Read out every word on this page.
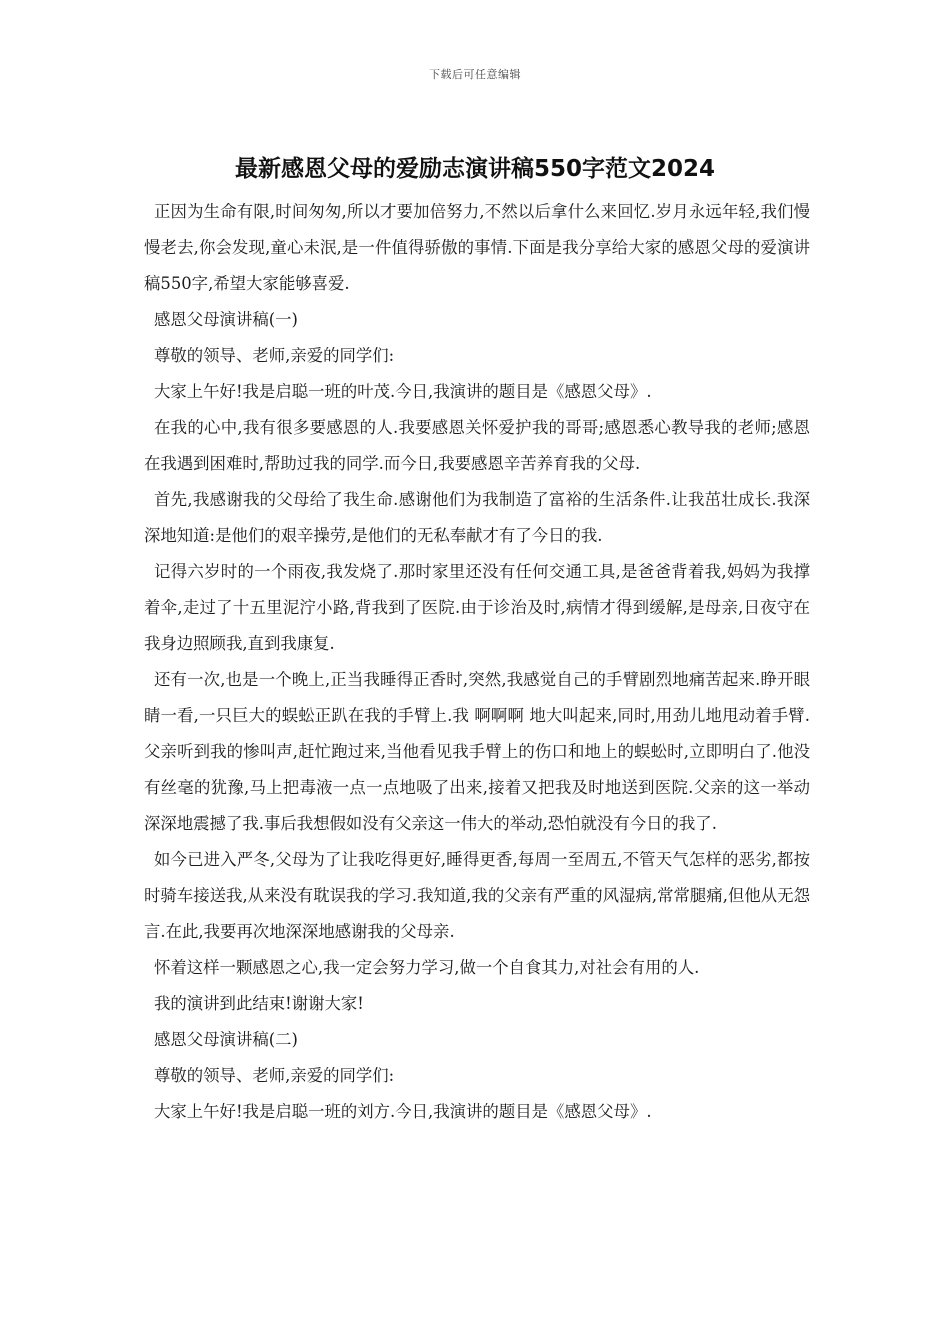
下载后可任意编辑
最新感恩父母的爱励志演讲稿550字范文2024

正因为生命有限,时间匆匆,所以才要加倍努力,不然以后拿什么来回忆.岁月永远年轻,我们慢慢老去,你会发现,童心未泯,是一件值得骄傲的事情.下面是我分享给大家的感恩父母的爱演讲稿550字,希望大家能够喜爱.

感恩父母演讲稿(一)

尊敬的领导、老师,亲爱的同学们:

大家上午好!我是启聪一班的叶茂.今日,我演讲的题目是《感恩父母》.

在我的心中,我有很多要感恩的人.我要感恩关怀爱护我的哥哥;感恩悉心教导我的老师;感恩在我遇到困难时,帮助过我的同学.而今日,我要感恩辛苦养育我的父母.

首先,我感谢我的父母给了我生命.感谢他们为我制造了富裕的生活条件.让我茁壮成长.我深深地知道:是他们的艰辛操劳,是他们的无私奉献才有了今日的我.

记得六岁时的一个雨夜,我发烧了.那时家里还没有任何交通工具,是爸爸背着我,妈妈为我撑着伞,走过了十五里泥泞小路,背我到了医院.由于诊治及时,病情才得到缓解,是母亲,日夜守在我身边照顾我,直到我康复.

还有一次,也是一个晚上,正当我睡得正香时,突然,我感觉自己的手臂剧烈地痛苦起来.睁开眼睛一看,一只巨大的蜈蚣正趴在我的手臂上.我 啊啊啊 地大叫起来,同时,用劲儿地甩动着手臂.父亲听到我的惨叫声,赶忙跑过来,当他看见我手臂上的伤口和地上的蜈蚣时,立即明白了.他没有丝毫的犹豫,马上把毒液一点一点地吸了出来,接着又把我及时地送到医院.父亲的这一举动深深地震撼了我.事后我想假如没有父亲这一伟大的举动,恐怕就没有今日的我了.

如今已进入严冬,父母为了让我吃得更好,睡得更香,每周一至周五,不管天气怎样的恶劣,都按时骑车接送我,从来没有耽误我的学习.我知道,我的父亲有严重的风湿病,常常腿痛,但他从无怨言.在此,我要再次地深深地感谢我的父母亲.

怀着这样一颗感恩之心,我一定会努力学习,做一个自食其力,对社会有用的人.

我的演讲到此结束!谢谢大家!

感恩父母演讲稿(二)

尊敬的领导、老师,亲爱的同学们:

大家上午好!我是启聪一班的刘方.今日,我演讲的题目是《感恩父母》.
